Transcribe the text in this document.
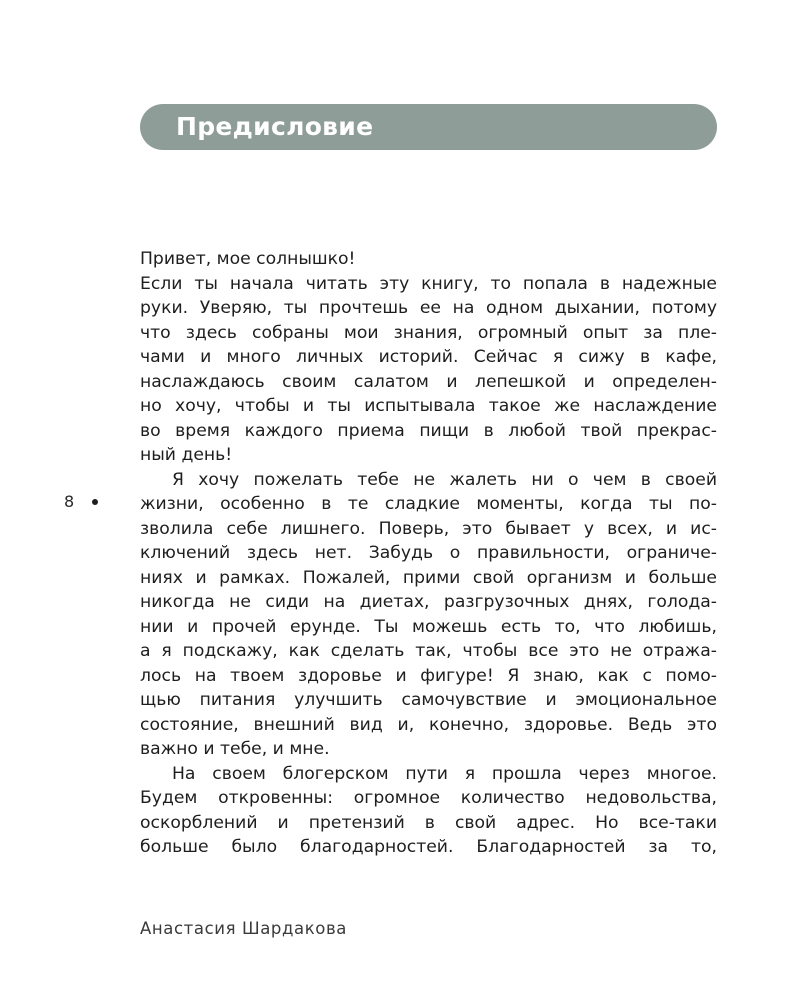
Предисловие
8
Привет, мое солнышко!
Если ты начала читать эту книгу, то попала в надежные
руки. Уверяю, ты прочтешь ее на одном дыхании, потому
что здесь собраны мои знания, огромный опыт за пле-
чами и много личных историй. Сейчас я сижу в кафе,
наслаждаюсь своим салатом и лепешкой и определен-
но хочу, чтобы и ты испытывала такое же наслаждение
во время каждого приема пищи в любой твой прекрас-
ный день!
Я хочу пожелать тебе не жалеть ни о чем в своей
жизни, особенно в те сладкие моменты, когда ты по-
зволила себе лишнего. Поверь, это бывает у всех, и ис-
ключений здесь нет. Забудь о правильности, ограниче-
ниях и рамках. Пожалей, прими свой организм и больше
никогда не сиди на диетах, разгрузочных днях, голода-
нии и прочей ерунде. Ты можешь есть то, что любишь,
а я подскажу, как сделать так, чтобы все это не отража-
лось на твоем здоровье и фигуре! Я знаю, как с помо-
щью питания улучшить самочувствие и эмоциональное
состояние, внешний вид и, конечно, здоровье. Ведь это
важно и тебе, и мне.
На своем блогерском пути я прошла через многое.
Будем откровенны: огромное количество недовольства,
оскорблений и претензий в свой адрес. Но все-таки
больше было благодарностей. Благодарностей за то,
Анастасия Шардакова
